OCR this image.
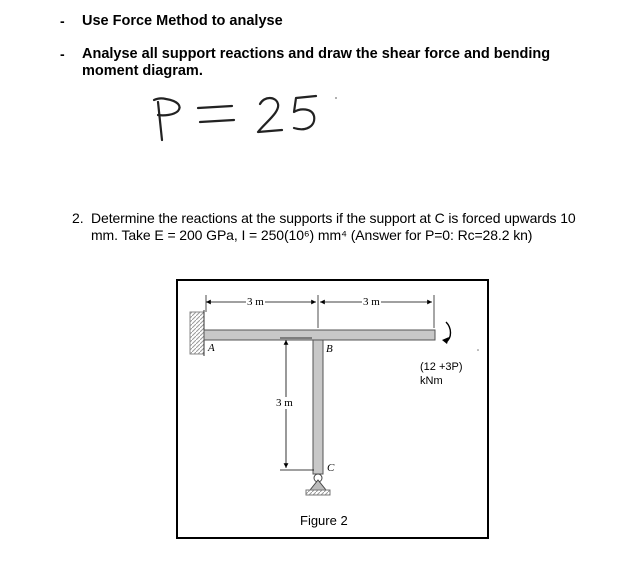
- Use Force Method to analyse
- Analyse all support reactions and draw the shear force and bending
moment diagram.
2. Determine the reactions at the supports if the support at C is forced upwards 10
mm. Take E = 200 GPa, I = 250(10⁶) mm⁴ (Answer for P=0: Rc=28.2 kn)
3 m	3 m
3 m
A	B
C
(12 +3P)
kNm
Figure 2
